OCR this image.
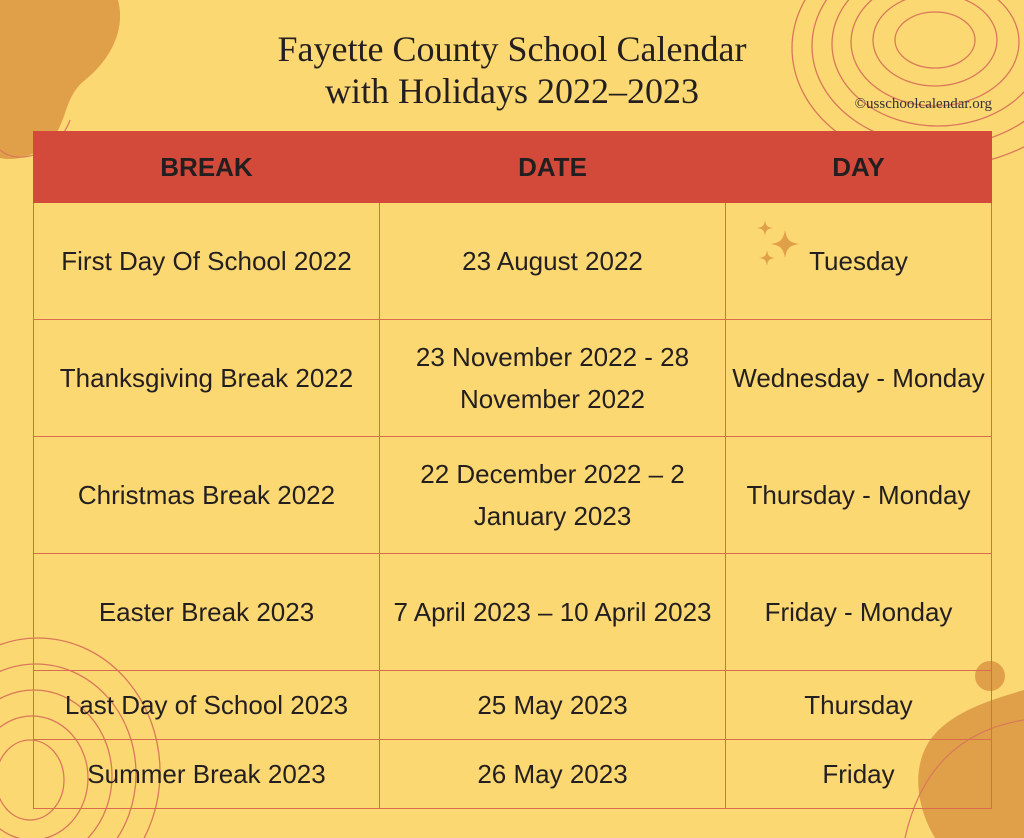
Fayette County School Calendar
with Holidays 2022–2023	©usschoolcalendar.org
BREAK	DATE	DAY
First Day Of School 2022	23 August 2022	Tuesday
Thanksgiving Break 2022	23 November 2022 - 28 November 2022	Wednesday - Monday
Christmas Break 2022	22 December 2022 – 2 January 2023	Thursday - Monday
Easter Break 2023	7 April 2023 – 10 April 2023	Friday - Monday
Last Day of School 2023	25 May 2023	Thursday
Summer Break 2023	26 May 2023	Friday
